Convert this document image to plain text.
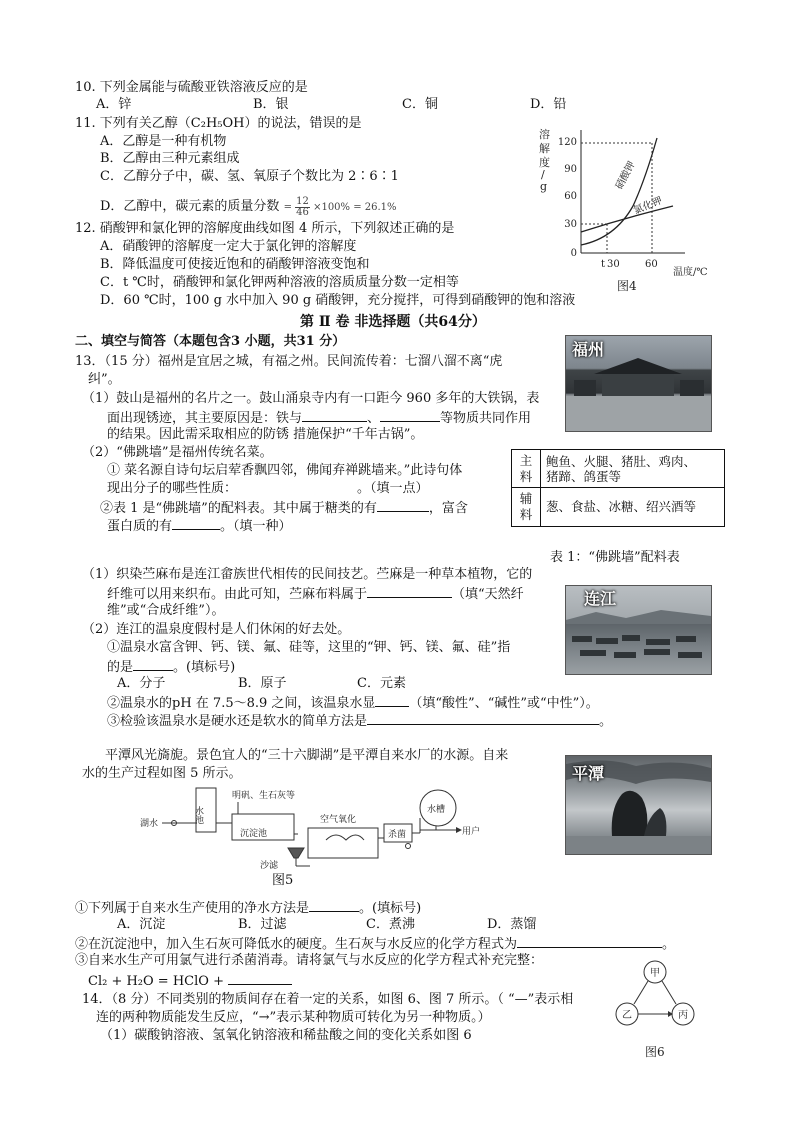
10. 下列金属能与硫酸亚铁溶液反应的是
A．锌	B．银	C．铜	D．铅
11. 下列有关乙醇（C₂H₅OH）的说法，错误的是
A．乙醇是一种有机物
B．乙醇由三种元素组成
C．乙醇分子中，碳、氢、氧原子个数比为 2∶6∶1
D．乙醇中，碳元素的质量分数 = $\frac{12}{46} \times 100\% = 26.1\%$
12. 硝酸钾和氯化钾的溶解度曲线如图 4 所示，下列叙述正确的是
A．硝酸钾的溶解度一定大于氯化钾的溶解度
B．降低温度可使接近饱和的硝酸钾溶液变饱和
C．t ℃时，硝酸钾和氯化钾两种溶液的溶质质量分数一定相等
D．60 ℃时，100 g 水中加入 90 g 硝酸钾，充分搅拌，可得到硝酸钾的饱和溶液
溶
解
度
/
g
120
90
60
30
0
硝酸钾
氯化钾
t 30	60
温度/℃
图4
第 Ⅱ 卷 非选择题（共64分）
二、填空与简答（本题包含3 小题，共31 分）
13．（15 分）福州是宜居之城，有福之州。民间流传着：七溜八溜不离“虎
纠”。
福州
（1）鼓山是福州的名片之一。鼓山涌泉寺内有一口距今 960 多年的大铁锅，表
面出现锈迹，其主要原因是：铁与	、	等物质共同作用
的结果。因此需采取相应的防锈 措施保护“千年古锅”。
（2）“佛跳墙”是福州传统名菜。
① 菜名源自诗句坛启荤香飘四邻，佛闻弃禅跳墙来。”此诗句体
现出分子的哪些性质：	。（填一点）
②表 1 是“佛跳墙”的配料表。其中属于糖类的有	，富含
蛋白质的有	。（填一种）
主料	鲍鱼、火腿、猪肚、鸡肉、
猪蹄、鸽蛋等

辅料	葱、食盐、冰糖、绍兴酒等
表 1：“佛跳墙”配料表
连江
（1）织染苎麻布是连江畲族世代相传的民间技艺。苎麻是一种草本植物，它的
纤维可以用来织布。由此可知，苎麻布料属于	（填“天然纤
维”或“合成纤维”）。
（2）连江的温泉度假村是人们休闲的好去处。
①温泉水富含钾、钙、镁、氟、硅等，这里的“钾、钙、镁、氟、硅”指
的是	。(填标号)
A．分子	B．原子	C．元素
②温泉水的pH 在 7.5～8.9 之间，该温泉水显	（填“酸性”、“碱性”或“中性”）。
③检验该温泉水是硬水还是软水的简单方法是	。
平潭风光旖旎。景色宜人的“三十六脚湖”是平潭自来水厂的水源。自来
水的生产过程如图 5 所示。	平潭
湖水	水池
明矾、生石灰等
沉淀池
沙滤
空气氧化
杀菌
水槽
用户
图5
①下列属于自来水生产使用的净水方法是	。(填标号)
A．沉淀	B．过滤	C．煮沸	D．蒸馏
②在沉淀池中，加入生石灰可降低水的硬度。生石灰与水反应的化学方程式为	。
③自来水生产可用氯气进行杀菌消毒。请将氯气与水反应的化学方程式补充完整：
Cl₂ + H₂O = HClO +
14．（8 分）不同类别的物质间存在着一定的关系，如图 6、图 7 所示。（ “—”表示相
连的两种物质能发生反应，“→”表示某种物质可转化为另一种物质。）
（1）碳酸钠溶液、氢氧化钠溶液和稀盐酸之间的变化关系如图 6
甲
乙	丙
图6
